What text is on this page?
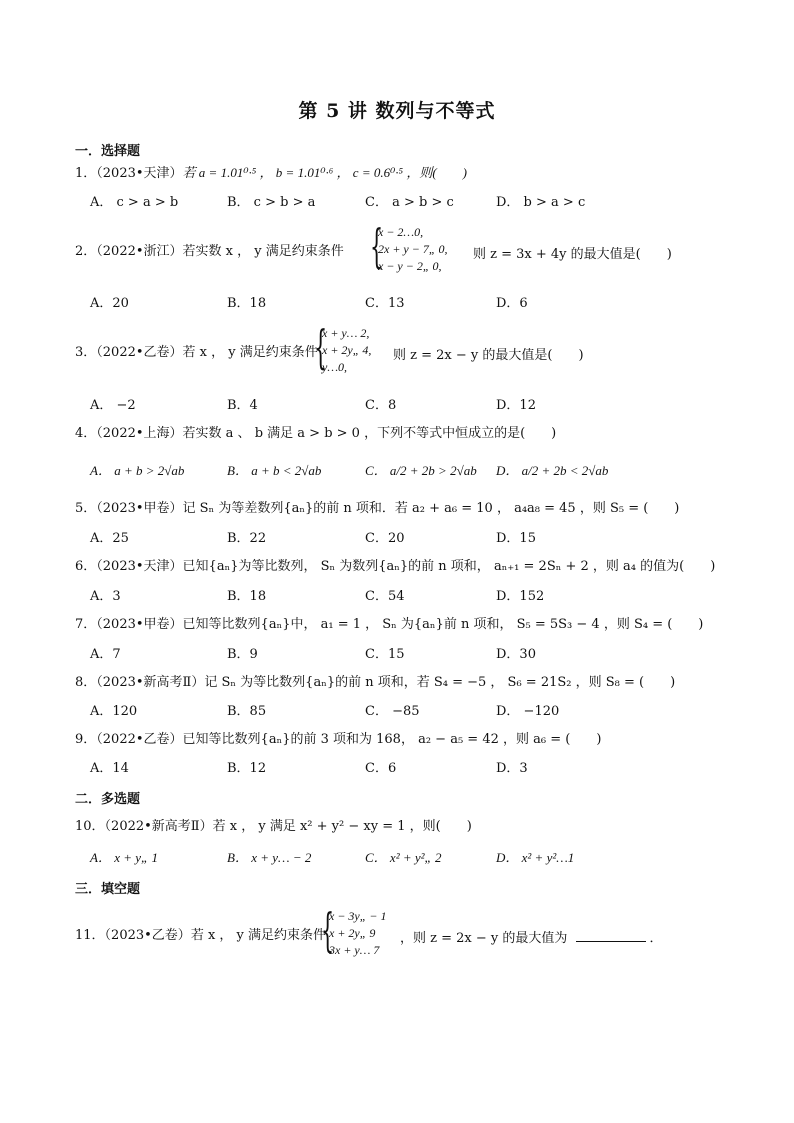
第 5 讲 数列与不等式
一．选择题
1．（2023•天津）若 a = 1.01⁰·⁵ ， b = 1.01⁰·⁶ ， c = 0.6⁰·⁵ ，则(　　)
A． c > a > b	B． c > b > a	C． a > b > c	D． b > a > c
2．（2022•浙江）若实数 x ， y 满足约束条件 {
x − 2…0,
2x + y − 7„ 0,
x − y − 2„ 0,
则 z = 3x + 4y 的最大值是(　　)
A．20	B．18	C．13	D．6
3．（2022•乙卷）若 x ， y 满足约束条件
{
x + y… 2,
x + 2y„ 4,
y…0,
则 z = 2x − y 的最大值是(　　)
A． −2	B．4	C．8	D．12
4．（2022•上海）若实数 a 、 b 满足 a > b > 0 ，下列不等式中恒成立的是(　　)
A． a + b > 2√ab	B． a + b < 2√ab	C． a/2 + 2b > 2√ab D． a/2 + 2b < 2√ab
5．（2023•甲卷）记 Sₙ 为等差数列{aₙ}的前 n 项和．若 a₂ + a₆ = 10 ， a₄a₈ = 45 ，则 S₅ = (　　)
A．25	B．22	C．20	D．15
6．（2023•天津）已知{aₙ}为等比数列， Sₙ 为数列{aₙ}的前 n 项和， aₙ₊₁ = 2Sₙ + 2 ，则 a₄ 的值为(　　)
A．3	B．18	C．54	D．152
7．（2023•甲卷）已知等比数列{aₙ}中， a₁ = 1 ， Sₙ 为{aₙ}前 n 项和， S₅ = 5S₃ − 4 ，则 S₄ = (　　)
A．7	B．9	C．15	D．30
8．（2023•新高考Ⅱ）记 Sₙ 为等比数列{aₙ}的前 n 项和，若 S₄ = −5 ， S₆ = 21S₂ ，则 S₈ = (　　)
A．120	B．85	C． −85	D． −120
9．（2022•乙卷）已知等比数列{aₙ}的前 3 项和为 168， a₂ − a₅ = 42 ，则 a₆ = (　　)
A．14	B．12	C．6	D．3
二．多选题
10．（2022•新高考Ⅱ）若 x ， y 满足 x² + y² − xy = 1 ，则(　　)
A． x + y„ 1	B． x + y… − 2	C． x² + y²„ 2	D． x² + y²…1
三．填空题
11．（2023•乙卷）若 x ， y 满足约束条件
{
x − 3y„ − 1
x + 2y„ 9
3x + y… 7
，则 z = 2x − y 的最大值为	．
